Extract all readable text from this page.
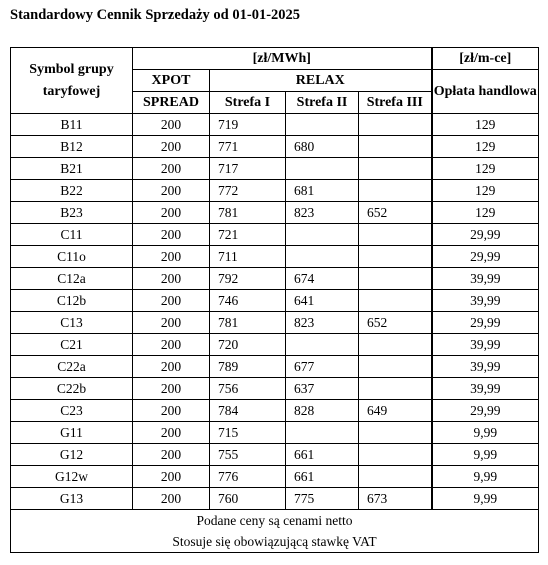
Standardowy Cennik Sprzedaży od 01-01-2025
Symbol grupy taryfowej	[zł/MWh]				[zł/m-ce]
	XPOT	RELAX			Opłata handlowa
	SPREAD	Strefa I	Strefa II	Strefa III	
B11	200	719			129
B12	200	771	680		129
B21	200	717			129
B22	200	772	681		129
B23	200	781	823	652	129
C11	200	721			29,99
C11o	200	711			29,99
C12a	200	792	674		39,99
C12b	200	746	641		39,99
C13	200	781	823	652	29,99
C21	200	720			39,99
C22a	200	789	677		39,99
C22b	200	756	637		39,99
C23	200	784	828	649	29,99
G11	200	715			9,99
G12	200	755	661		9,99
G12w	200	776	661		9,99
G13	200	760	775	673	9,99

Podane ceny są cenami netto
Stosuje się obowiązującą stawkę VAT					
